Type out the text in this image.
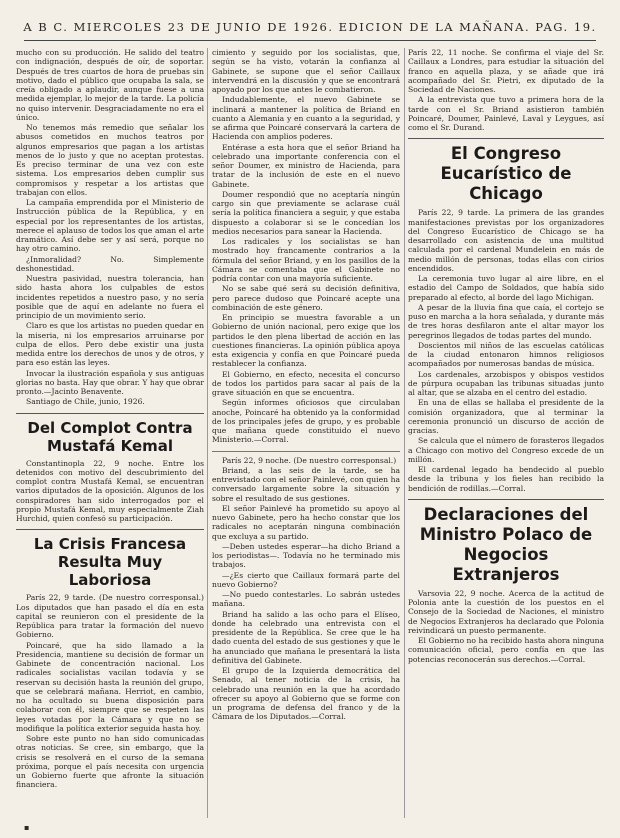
A B C. MIERCOLES 23 DE JUNIO DE 1926. EDICION DE LA MAÑANA. PAG. 19.

mucho con su producción. He salido del teatro con indignación, después de oír, de soportar. Después de tres cuartos de hora de pruebas sin motivo, dado el público que ocupaba la sala, se creía obligado a aplaudir, aunque fuese a una medida ejemplar, lo mejor de la tarde. La policía no quiso intervenir. Desgraciadamente no era el único.

No tenemos más remedio que señalar los abusos cometidos en muchos teatros por algunos empresarios que pagan a los artistas menos de lo justo y que no aceptan protestas. Es preciso terminar de una vez con este sistema. Los empresarios deben cumplir sus compromisos y respetar a los artistas que trabajan con ellos.

La campaña emprendida por el Ministerio de Instrucción pública de la República, y en especial por los representantes de los artistas, merece el aplauso de todos los que aman el arte dramático. Así debe ser y así será, porque no hay otro camino.

¿Inmoralidad? No. Simplemente deshonestidad.

Nuestra pasividad, nuestra tolerancia, han sido hasta ahora los culpables de estos incidentes repetidos a nuestro paso, y no sería posible que de aquí en adelante no fuera el principio de un movimiento serio.

Claro es que los artistas no pueden quedar en la miseria, ni los empresarios arruinarse por culpa de ellos. Pero debe existir una justa medida entre los derechos de unos y de otros, y para eso están las leyes.

Invocar la ilustración española y sus antiguas glorias no basta. Hay que obrar. Y hay que obrar pronto.—Jacinto Benavente.

Santiago de Chile, junio, 1926.

Del Complot Contra Mustafá Kemal

Constantinopla 22, 9 noche. Entre los detenidos con motivo del descubrimiento del complot contra Mustafá Kemal, se encuentran varios diputados de la oposición. Algunos de los conspiradores han sido interrogados por el propio Mustafá Kemal, muy especialmente Ziah Hurchid, quien confesó su participación.

La Crisis Francesa Resulta Muy Laboriosa

París 22, 9 tarde. (De nuestro corresponsal.) Los diputados que han pasado el día en esta capital se reunieron con el presidente de la República para tratar la formación del nuevo Gobierno.

Poincaré, que ha sido llamado a la Presidencia, mantiene su decisión de formar un Gabinete de concentración nacional. Los radicales socialistas vacilan todavía y se reservan su decisión hasta la reunión del grupo, que se celebrará mañana. Herriot, en cambio, no ha ocultado su buena disposición para colaborar con él, siempre que se respeten las leyes votadas por la Cámara y que no se modifique la política exterior seguida hasta hoy.

Sobre este punto no han sido comunicadas otras noticias. Se cree, sin embargo, que la crisis se resolverá en el curso de la semana próxima, porque el país necesita con urgencia un Gobierno fuerte que afronte la situación financiera.

cimiento y seguido por los socialistas, que, según se ha visto, votarán la confianza al Gabinete, se supone que el señor Caillaux intervendrá en la discusión y que se encontrará apoyado por los que antes le combatieron.

Indudablemente, el nuevo Gabinete se inclinará a mantener la política de Briand en cuanto a Alemania y en cuanto a la seguridad, y se afirma que Poincaré conservará la cartera de Hacienda con amplios poderes.

Entérase a esta hora que el señor Briand ha celebrado una importante conferencia con el señor Doumer, ex ministro de Hacienda, para tratar de la inclusión de este en el nuevo Gabinete.

Doumer respondió que no aceptaría ningún cargo sin que previamente se aclarase cuál sería la política financiera a seguir, y que estaba dispuesto a colaborar si se le concedían los medios necesarios para sanear la Hacienda.

Los radicales y los socialistas se han mostrado hoy francamente contrarios a la fórmula del señor Briand, y en los pasillos de la Cámara se comentaba que el Gabinete no podría contar con una mayoría suficiente.

No se sabe qué será su decisión definitiva, pero parece dudoso que Poincaré acepte una combinación de este género.

En principio se muestra favorable a un Gobierno de unión nacional, pero exige que los partidos le den plena libertad de acción en las cuestiones financieras. La opinión pública apoya esta exigencia y confía en que Poincaré pueda restablecer la confianza.

El Gobierno, en efecto, necesita el concurso de todos los partidos para sacar al país de la grave situación en que se encuentra.

Según informes oficiosos que circulaban anoche, Poincaré ha obtenido ya la conformidad de los principales jefes de grupo, y es probable que mañana quede constituido el nuevo Ministerio.—Corral.

París 22, 9 noche. (De nuestro corresponsal.)

Briand, a las seis de la tarde, se ha entrevistado con el señor Painlevé, con quien ha conversado largamente sobre la situación y sobre el resultado de sus gestiones.

El señor Painlevé ha prometido su apoyo al nuevo Gabinete, pero ha hecho constar que los radicales no aceptarán ninguna combinación que excluya a su partido.

—Deben ustedes esperar—ha dicho Briand a los periodistas—. Todavía no he terminado mis trabajos.

—¿Es cierto que Caillaux formará parte del nuevo Gobierno?

—No puedo contestarles. Lo sabrán ustedes mañana.

Briand ha salido a las ocho para el Elíseo, donde ha celebrado una entrevista con el presidente de la República. Se cree que le ha dado cuenta del estado de sus gestiones y que le ha anunciado que mañana le presentará la lista definitiva del Gabinete.

El grupo de la Izquierda democrática del Senado, al tener noticia de la crisis, ha celebrado una reunión en la que ha acordado ofrecer su apoyo al Gobierno que se forme con un programa de defensa del franco y de la Cámara de los Diputados.—Corral.

París 22, 11 noche. Se confirma el viaje del Sr. Caillaux a Londres, para estudiar la situación del franco en aquella plaza, y se añade que irá acompañado del Sr. Pietri, ex diputado de la Sociedad de Naciones.

A la entrevista que tuvo a primera hora de la tarde con el Sr. Briand asistieron también Poincaré, Doumer, Painlevé, Laval y Leygues, así como el Sr. Durand.

El Congreso Eucarístico de Chicago

París 22, 9 tarde. La primera de las grandes manifestaciones previstas por los organizadores del Congreso Eucarístico de Chicago se ha desarrollado con asistencia de una multitud calculada por el cardenal Mundelein en más de medio millón de personas, todas ellas con cirios encendidos.

La ceremonia tuvo lugar al aire libre, en el estadio del Campo de Soldados, que había sido preparado al efecto, al borde del lago Michigan.

A pesar de la lluvia fina que caía, el cortejo se puso en marcha a la hora señalada, y durante más de tres horas desfilaron ante el altar mayor los peregrinos llegados de todas partes del mundo.

Doscientos mil niños de las escuelas católicas de la ciudad entonaron himnos religiosos acompañados por numerosas bandas de música.

Los cardenales, arzobispos y obispos vestidos de púrpura ocupaban las tribunas situadas junto al altar, que se alzaba en el centro del estadio.

En una de ellas se hallaba el presidente de la comisión organizadora, que al terminar la ceremonia pronunció un discurso de acción de gracias.

Se calcula que el número de forasteros llegados a Chicago con motivo del Congreso excede de un millón.

El cardenal legado ha bendecido al pueblo desde la tribuna y los fieles han recibido la bendición de rodillas.—Corral.

Declaraciones del Ministro Polaco de Negocios Extranjeros

Varsovia 22, 9 noche. Acerca de la actitud de Polonia ante la cuestión de los puestos en el Consejo de la Sociedad de Naciones, el ministro de Negocios Extranjeros ha declarado que Polonia reivindicará un puesto permanente.

El Gobierno no ha recibido hasta ahora ninguna comunicación oficial, pero confía en que las potencias reconocerán sus derechos.—Corral.

▪
